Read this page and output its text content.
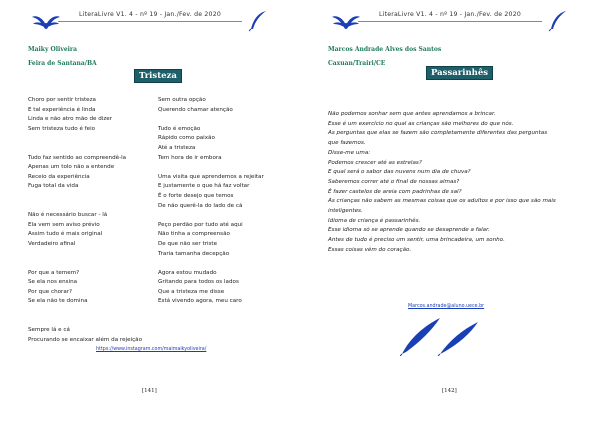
LiteraLivre V1. 4 - nº 19 - Jan./Fev. de 2020
Maiky Oliveira
Feira de Santana/BA
Tristeza
Choro por sentir tristeza
E tal experiência é linda
Linda e não atro mão de dizer
Sem tristeza tudo é feio

Tudo faz sentido ao compreendê-la
Apenas um tolo não a entende
Receio da experiência
Fuga total da vida

Não é necessário buscar - lá
Ela vem sem aviso prévio
Assim tudo é mais original
Verdadeiro afinal

Por que a temem?
Se ela nos ensina
Por que chorar?
Se ela não te domina

Sempre lá e cá
Procurando se encaixar além da rejeição
Sem outra opção
Querendo chamar atenção

Tudo é emoção
Rápido como paixão
Até a tristeza
Tem hora de ir embora

Uma visita que aprendemos a rejeitar
E justamente o que há faz voltar
É o forte desejo que temos
De não querê-la do lado de cá

Peço perdão por tudo até aqui
Não tinha a compreensão
De que não ser triste
Traria tamanha decepção

Agora estou mudado
Gritando para todos os lados
Que a tristeza me disse
Está vivendo agora, meu caro
https://www.instagram.com/maimaikyoliveira/
[141]
LiteraLivre V1. 4 - nº 19 - Jan./Fev. de 2020
Marcos Andrade Alves dos Santos
Caxuan/Trairi/CE
Passarinhês
Não podemos sonhar sem que antes aprendamos a brincar.
Esse é um exercício no qual as crianças são melhores do que nós.
As perguntas que elas se fazem são completamente diferentes das perguntas
que fazemos.
Disse-me uma:
Podemos crescer até as estrelas?
E qual será o sabor das nuvens num dia de chuva?
Saberemos correr até o final de nossas almas?
É fazer castelos de areia com padrinhas de sal?
As crianças não sabem as mesmas coisas que os adultos e por isso que são mais
inteligentes.
Idioma de criança é passarinhês.
Esse idioma só se aprende quando se desaprende a falar.
Antes de tudo é preciso um sentir, uma brincadeira, um sonho.
Essas coisas vêm do coração.
Marcos.andrade@aluno.uece.br
[142]
